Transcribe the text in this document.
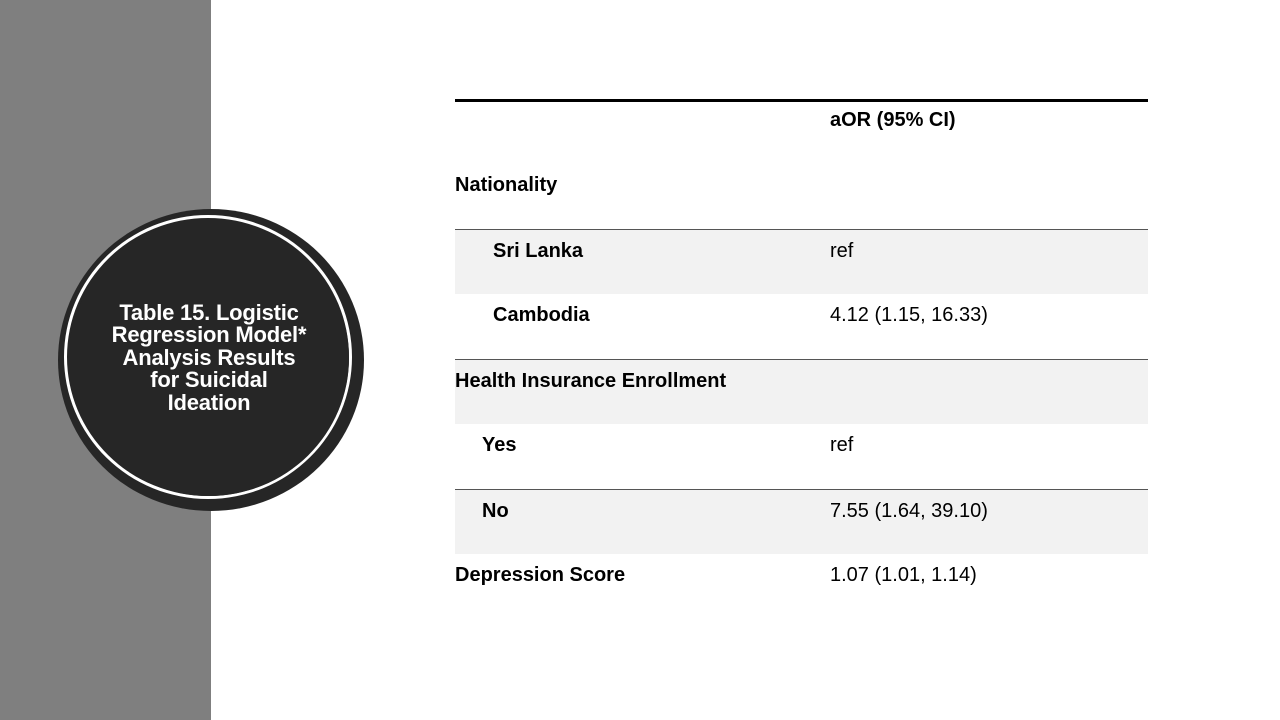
Table 15. Logistic Regression Model* Analysis Results for Suicidal Ideation
aOR (95% CI)
Nationality
Sri Lanka	ref
Cambodia	4.12 (1.15, 16.33)
Health Insurance Enrollment
Yes	ref
No	7.55 (1.64, 39.10)
Depression Score	1.07 (1.01, 1.14)
